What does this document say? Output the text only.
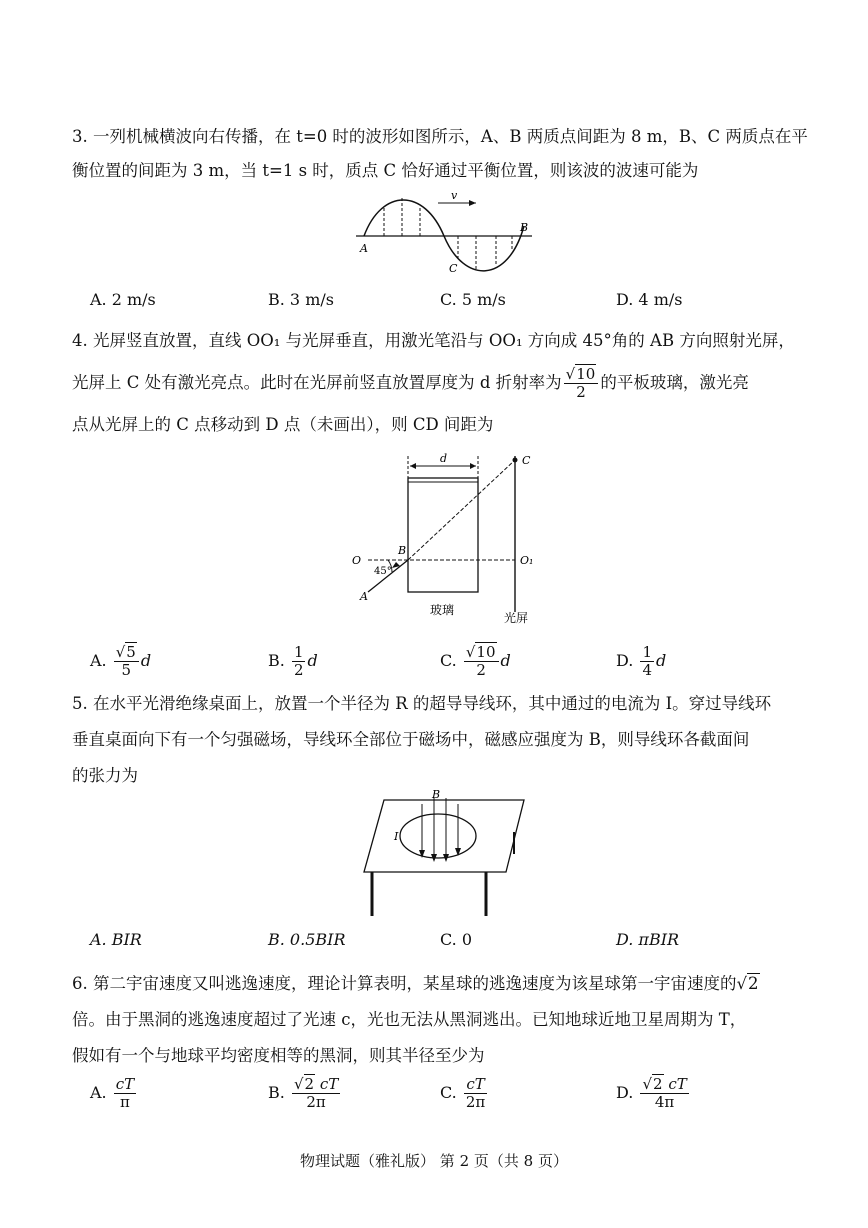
3. 一列机械横波向右传播，在 t=0 时的波形如图所示，A、B 两质点间距为 8 m，B、C 两质点在平

衡位置的间距为 3 m，当 t=1 s 时，质点 C 恰好通过平衡位置，则该波的波速可能为

v
A
B
C
A. 2 m/s	B. 3 m/s	C. 5 m/s	D. 4 m/s

4. 光屏竖直放置，直线 OO₁ 与光屏垂直，用激光笔沿与 OO₁ 方向成 45°角的 AB 方向照射光屏，

光屏上 C 处有激光亮点。此时在光屏前竖直放置厚度为 d 折射率为 $\frac{√10}{2}$ 的平板玻璃，激光亮

点从光屏上的 C 点移动到 D 点（未画出），则 CD 间距为

d	C
O	O₁
45°
B
A
玻璃
光屏
A. $\frac{√5}{5}$ d	B. $\frac{1}{2}$ d	C. $\frac{√10}{2}$ d	D. $\frac{1}{4}$ d

5. 在水平光滑绝缘桌面上，放置一个半径为 R 的超导导线环，其中通过的电流为 I。穿过导线环

垂直桌面向下有一个匀强磁场，导线环全部位于磁场中，磁感应强度为 B，则导线环各截面间

的张力为

B
I
A. BIR	B. 0.5BIR	C. 0	D. πBIR

6. 第二宇宙速度又叫逃逸速度，理论计算表明，某星球的逃逸速度为该星球第一宇宙速度的√2

倍。由于黑洞的逃逸速度超过了光速 c，光也无法从黑洞逃出。已知地球近地卫星周期为 T，

假如有一个与地球平均密度相等的黑洞，则其半径至少为

A. $\frac{cT}{\pi}$	B. $\frac{√2 cT}{2\pi}$	C. $\frac{cT}{2\pi}$	D. $\frac{√2 cT}{4\pi}$
物理试题（雅礼版） 第 2 页（共 8 页）
